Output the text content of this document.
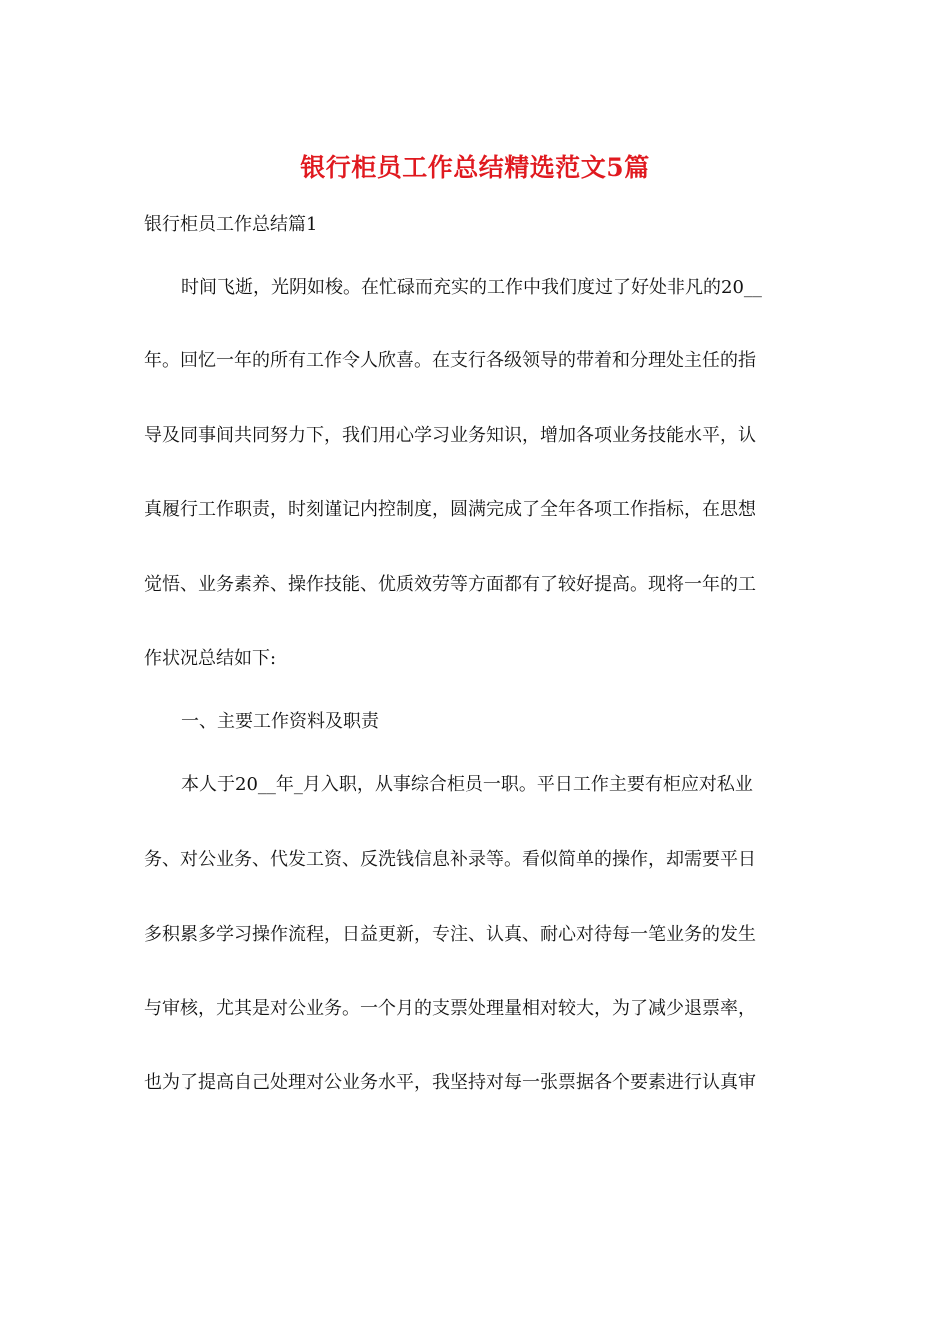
银行柜员工作总结精选范文5篇
银行柜员工作总结篇1
时间飞逝，光阴如梭。在忙碌而充实的工作中我们度过了好处非凡的20__
年。回忆一年的所有工作令人欣喜。在支行各级领导的带着和分理处主任的指
导及同事间共同努力下，我们用心学习业务知识，增加各项业务技能水平，认
真履行工作职责，时刻谨记内控制度，圆满完成了全年各项工作指标，在思想
觉悟、业务素养、操作技能、优质效劳等方面都有了较好提高。现将一年的工
作状况总结如下:
一、主要工作资料及职责
本人于20__年_月入职，从事综合柜员一职。平日工作主要有柜应对私业
务、对公业务、代发工资、反洗钱信息补录等。看似简单的操作，却需要平日
多积累多学习操作流程，日益更新，专注、认真、耐心对待每一笔业务的发生
与审核，尤其是对公业务。一个月的支票处理量相对较大，为了减少退票率，
也为了提高自己处理对公业务水平，我坚持对每一张票据各个要素进行认真审
